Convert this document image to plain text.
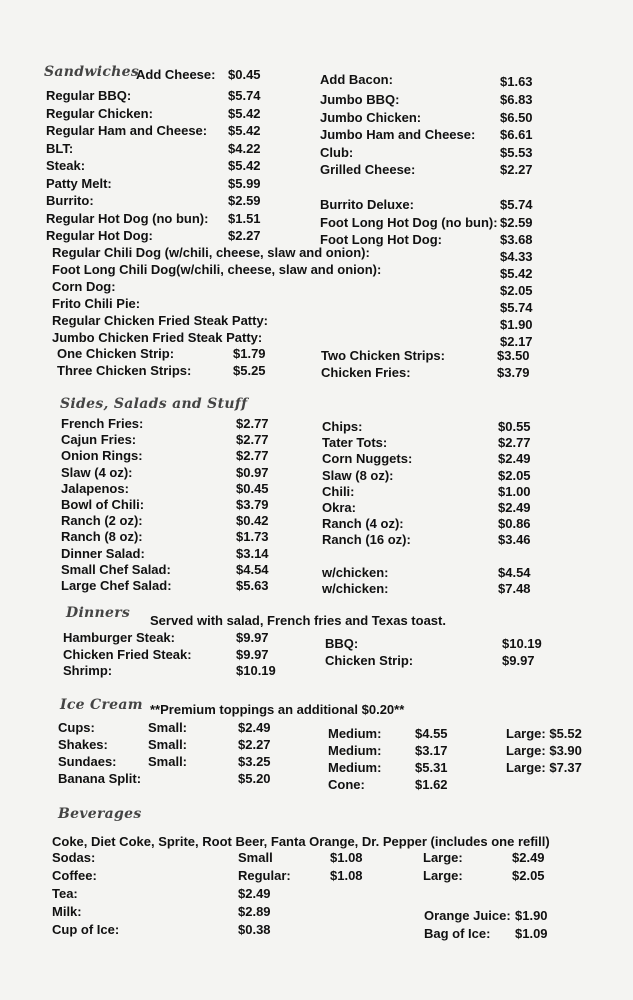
Sandwiches
Add Cheese: $0.45	Add Bacon:	$1.63
Regular BBQ:	$5.74	Jumbo BBQ:	$6.83
Regular Chicken:	$5.42	Jumbo Chicken:	$6.50
Regular Ham and Cheese: $5.42	Jumbo Ham and Cheese: $6.61
BLT:	$4.22	Club:	$5.53
Steak:	$5.42	Grilled Cheese:	$2.27
Patty Melt:	$5.99
Burrito:	$2.59	Burrito Deluxe:	$5.74
Regular Hot Dog (no bun): $1.51	Foot Long Hot Dog (no bun): $2.59
Regular Hot Dog:	$2.27	Foot Long Hot Dog:	$3.68
Regular Chili Dog (w/chili, cheese, slaw and onion):	$4.33
Foot Long Chili Dog(w/chili, cheese, slaw and onion):	$5.42
Corn Dog:	$2.05
Frito Chili Pie:	$5.74
Regular Chicken Fried Steak Patty:	$1.90
Jumbo Chicken Fried Steak Patty:	$2.17
One Chicken Strip:	$1.79	Two Chicken Strips:	$3.50
Three Chicken Strips:	$5.25	Chicken Fries:	$3.79
Sides, Salads and Stuff
French Fries:	$2.77	Chips:	$0.55
Cajun Fries:	$2.77	Tater Tots:	$2.77
Onion Rings:	$2.77	Corn Nuggets:	$2.49
Slaw (4 oz):	$0.97	Slaw (8 oz):	$2.05
Jalapenos:	$0.45	Chili:	$1.00
Bowl of Chili:	$3.79	Okra:	$2.49
Ranch (2 oz):	$0.42	Ranch (4 oz):	$0.86
Ranch (8 oz):	$1.73	Ranch (16 oz):	$3.46
Dinner Salad:	$3.14
Small Chef Salad:	$4.54	w/chicken:	$4.54
Large Chef Salad:	$5.63	w/chicken:	$7.48
Dinners Served with salad, French fries and Texas toast.
Hamburger Steak:	$9.97	BBQ:	$10.19
Chicken Fried Steak:	$9.97	Chicken Strip:	$9.97
Shrimp:	$10.19
Ice Cream **Premium toppings an additional $0.20**
Cups:	Small:	$2.49	Medium:	$4.55	Large: $5.52
Shakes:	Small:	$2.27	Medium:	$3.17	Large: $3.90
Sundaes: Small:	$3.25	Medium:	$5.31	Large: $7.37
Banana Split:	$5.20	Cone:	$1.62
Beverages
Coke, Diet Coke, Sprite, Root Beer, Fanta Orange, Dr. Pepper (includes one refill)
Sodas:	Small	$1.08	Large:	$2.49
Coffee:	Regular:	$1.08	Large:	$2.05
Tea:	$2.49
Milk:	$2.89	Orange Juice: $1.90
Cup of Ice:	$0.38	Bag of Ice: $1.09
